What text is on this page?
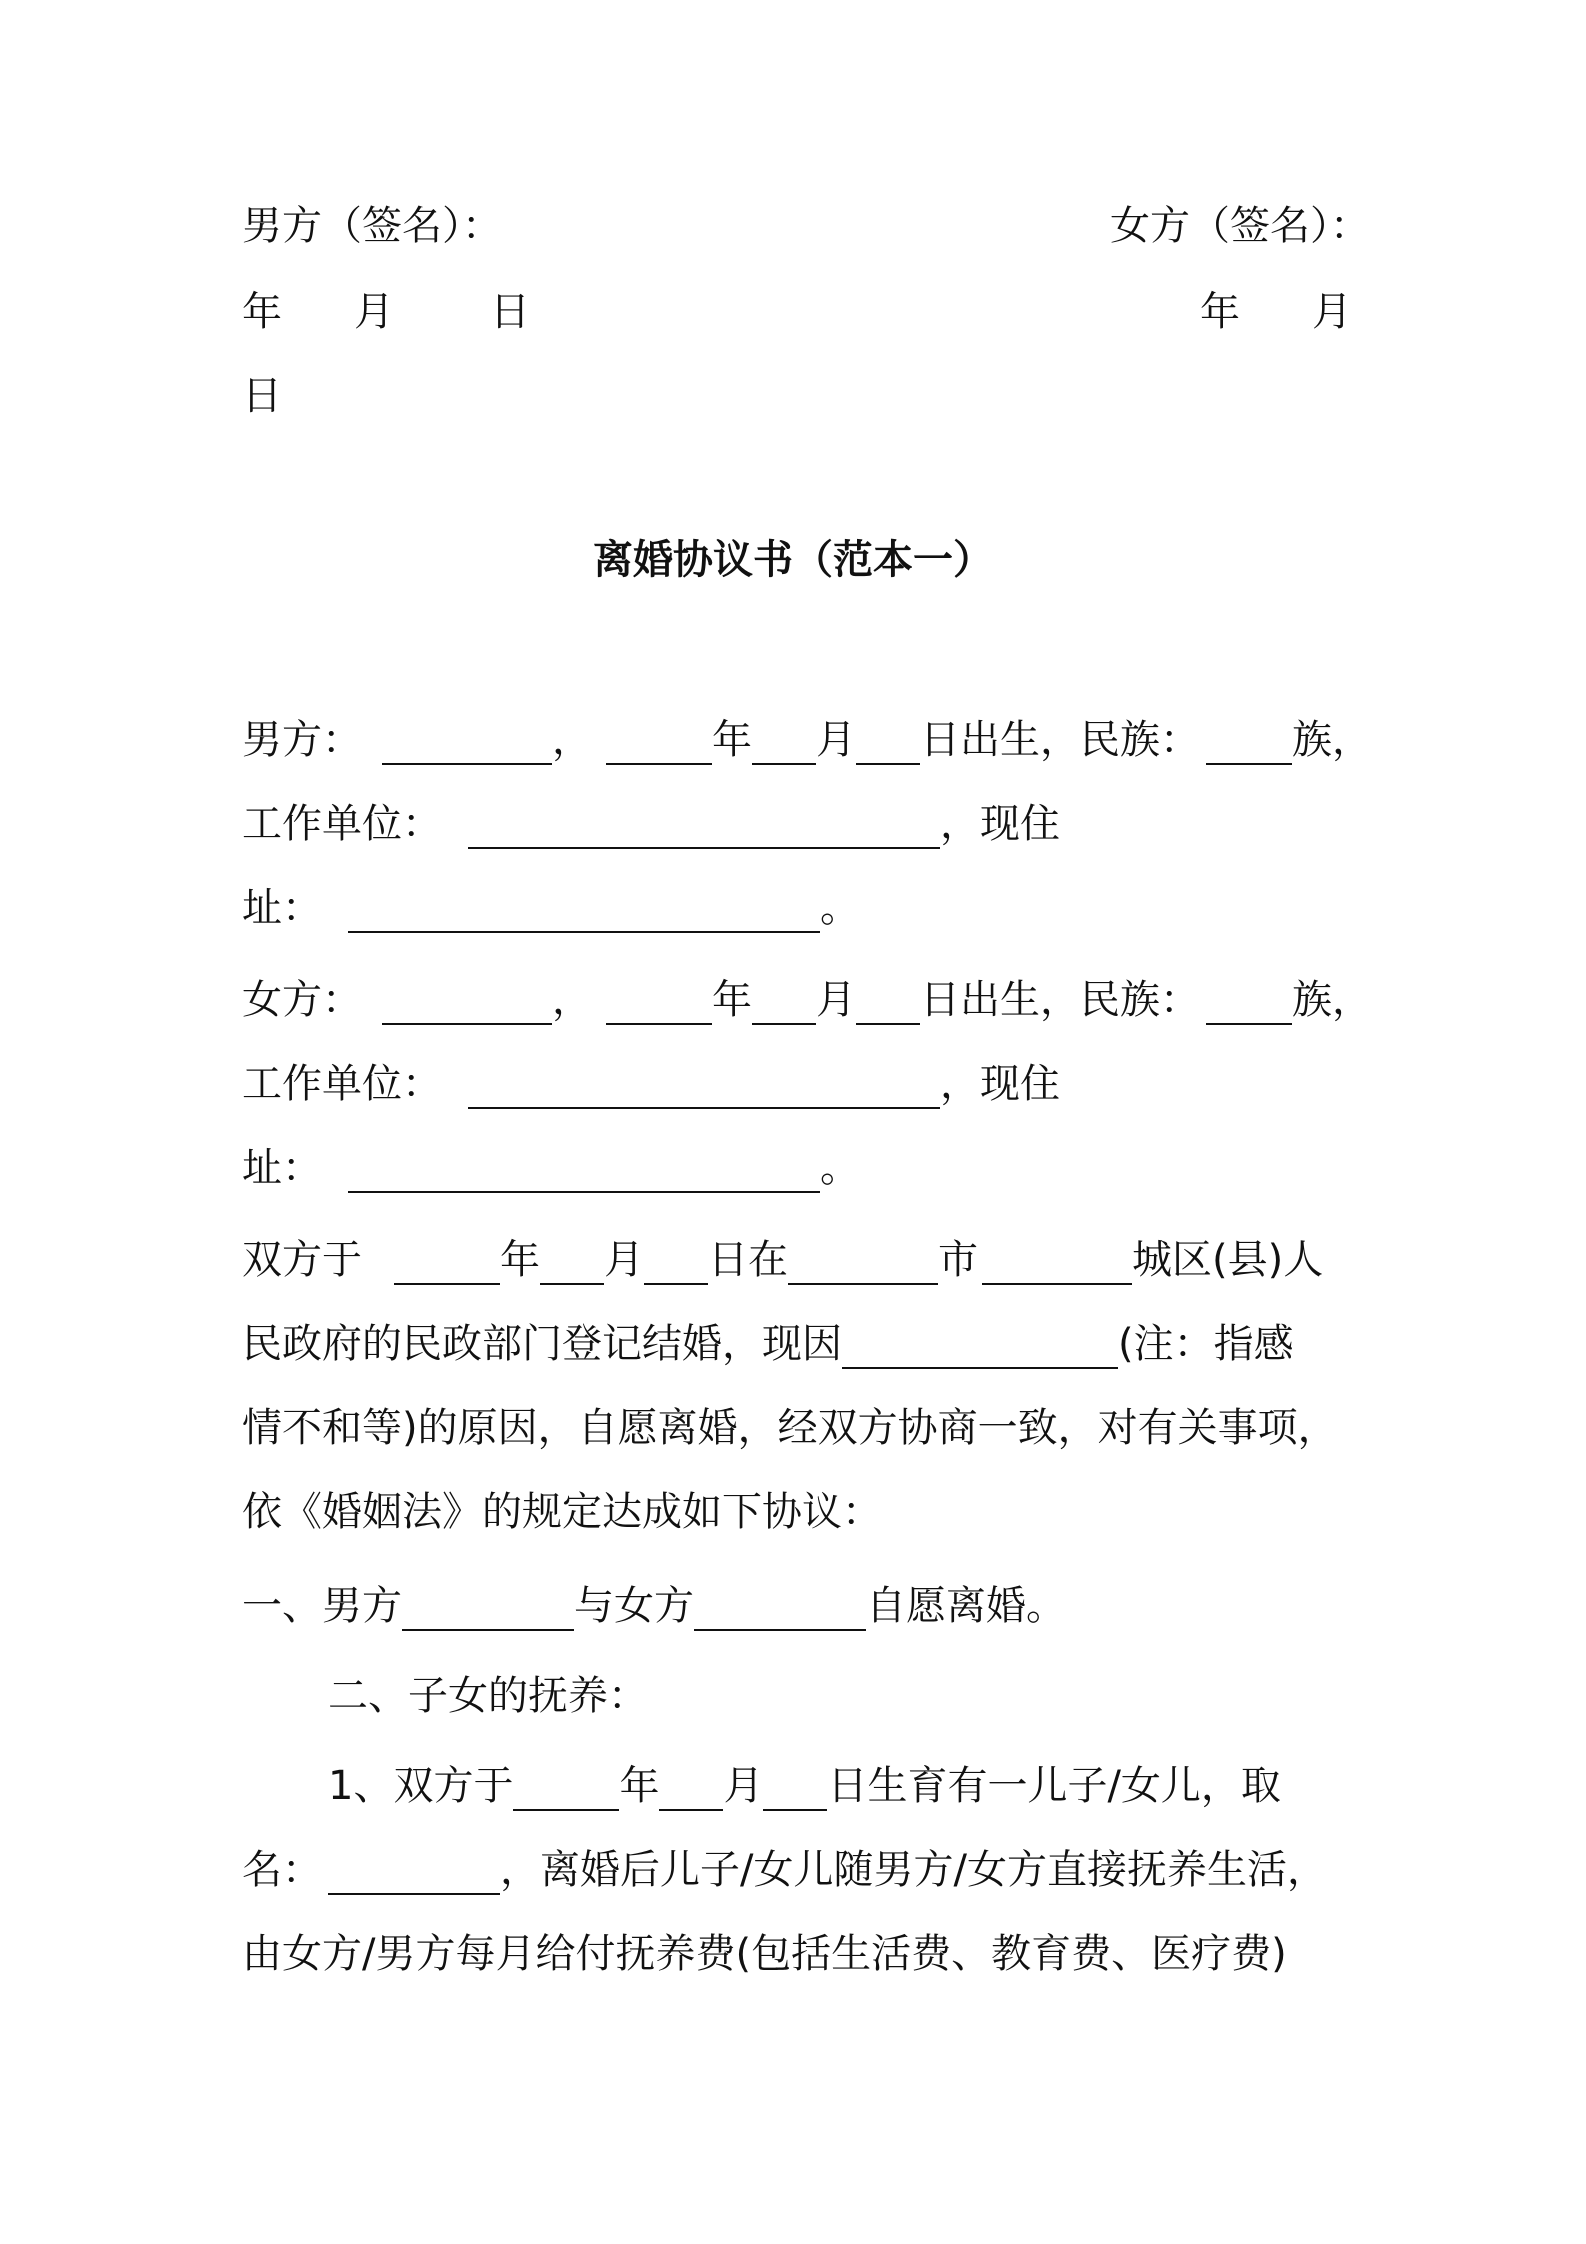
男方（签名）：	女方（签名）：
年 月 日	年 月
日
离婚协议书（范本一）
男方：	，	年 月 日出生，民族： 族，
工作单位：	，现住
址：	。
女方：	，	年 月 日出生，民族： 族，
工作单位：	，现住
址：	。
双方于	年 月 日在	市	城区(县)人
民政府的民政部门登记结婚，现因	(注：指感
情不和等)的原因，自愿离婚，经双方协商一致，对有关事项，
依《婚姻法》的规定达成如下协议：
一、男方	与女方	自愿离婚。
二、子女的抚养：
1、双方于	年 月 日生育有一儿子/女儿，取
名：	，离婚后儿子/女儿随男方/女方直接抚养生活，
由女方/男方每月给付抚养费(包括生活费、教育费、医疗费)
